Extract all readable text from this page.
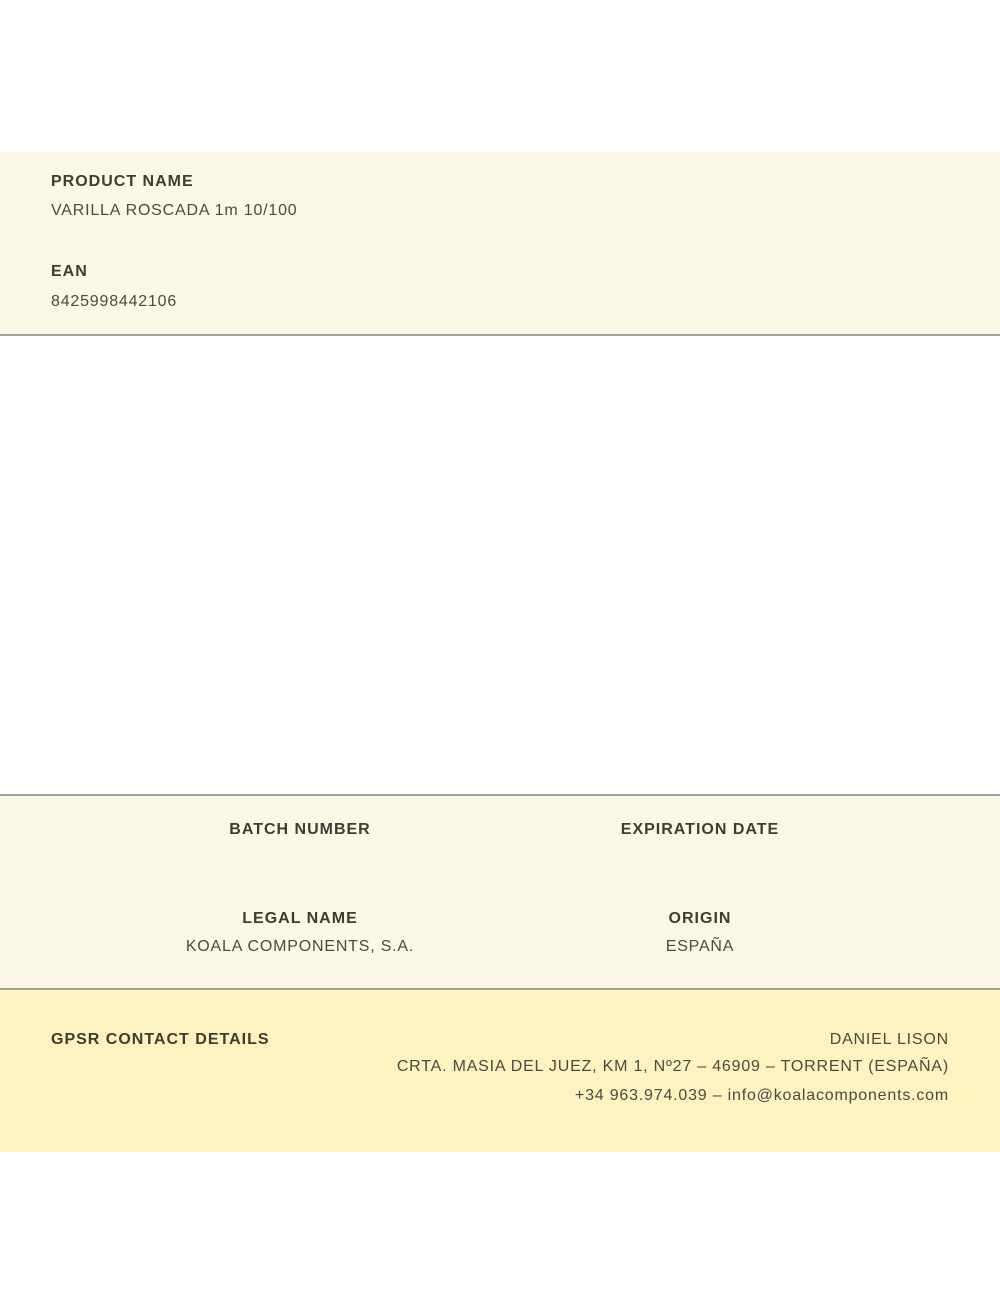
PRODUCT NAME
VARILLA ROSCADA 1m 10/100
EAN
8425998442106
BATCH NUMBER	EXPIRATION DATE
LEGAL NAME
KOALA COMPONENTS, S.A.
ORIGIN
ESPAÑA
GPSR CONTACT DETAILS	DANIEL LISON
CRTA. MASIA DEL JUEZ, KM 1, Nº27 – 46909 – TORRENT (ESPAÑA)
+34 963.974.039 – info@koalacomponents.com
